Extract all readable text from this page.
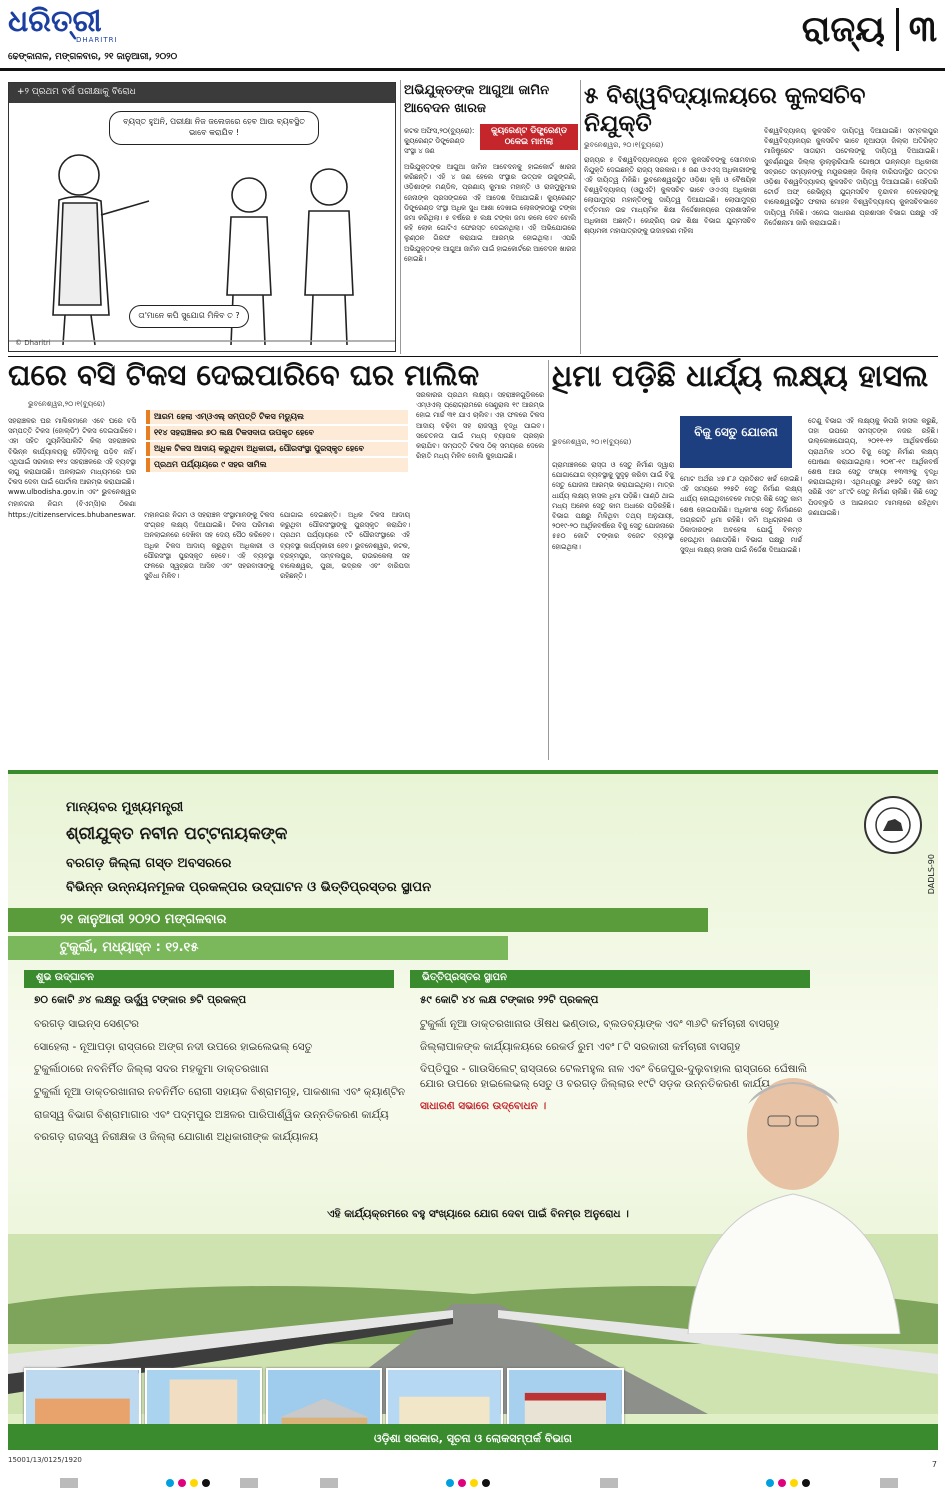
ଧରିତ୍ରୀ
DHARITRI
ଢେଙ୍କାନାଳ, ମଙ୍ଗଳବାର, ୨୧ ଜାନୁଆରୀ, ୨୦୨୦
ରାଜ୍ୟ ୩
+୨ ପ୍ରଥମ ବର୍ଷ ପରୀକ୍ଷାକୁ ବିରୋଧ
ବ୍ୟସ୍ତ ହୁଅନି, ପରୀକ୍ଷା ନିଜ ଜଲେଜରେ ହେବ ଆଉ ବ୍ୟବସ୍ଥିତ ଭାବେ କରାଯିବ !
ତା'ମାନେ କପି ସୁଯୋଗ ମିଳିବ ତ ?
© Dharitri
ଅଭିଯୁକ୍ତଙ୍କ ଆଗୁଆ ଜାମିନ ଆବେଦନ ଖାରଜ
କ୍ୟୁରେଣ୍ଟ ଡିଙ୍ଗ୍ରେଣ୍ଡ ଠକେଇ ମାମଲା
କଟକ ଅଫିସ,୨୦(ବ୍ୟୁରୋ): କ୍ୟୁରେଣ୍ଟ ଡିଙ୍ଗ୍ରେଣ୍ଡ ସଂସ୍ଥା ୪ ଜଣ
ଅଭିଯୁକ୍ତଙ୍କ ଆଗୁଆ ଜାମିନ ଆବେଦନକୁ ହାଇକୋର୍ଟ ଖାରଜ କରିଛନ୍ତି। ଏହି ୪ ଜଣ ହେଲେ ସଂସ୍ଥାର ଉତ୍ପଳ ଉଜୁଙ୍ଗଣି, ଓଡ଼ିଶାଙ୍କ ମଣ୍ଡିଳ, ପ୍ରଣାୟ କୁମାର ମହାନ୍ତି ଓ ରାଜମୁକୁମାର ଜେନାଙ୍କ ପ୍ରସଙ୍ଗରେ ଏହି ଆଦେଶ ଦିଆଯାଇଛି। କ୍ୟୁରେଣ୍ଟ ଡିଙ୍ଗ୍ରେଣ୍ଡ ସଂସ୍ଥା ଅଧିକ ସୁଧ ଆଶା ଦେଖାଇ ଲୋକଙ୍କଠାରୁ ଟଙ୍କା ଜମା କରିଥିଲା। ୫ ବର୍ଷରେ ୫ ଲକ୍ଷ ଟଙ୍କା ଜମା କଲେ ଦେବ ବୋଲି କହି ଲୋକ ଗୋଟିଏ ଫେରସ୍ତ ଦେଇନଥିଲା। ଏହି ଅଭିଯୋଗରେ ଲୁଣ୍ଠନ ଗିରଫ କରାଯାଇ ଆରମ୍ଭ ହୋଇଥିଲା। ଏପରି ଅଭିଯୁକ୍ତଙ୍କ ଆଗୁଆ ଜାମିନ ପାଇଁ ହାଇକୋର୍ଟରେ ଆବେଦନ ଖାରଜ ହୋଇଛି।
୫ ବିଶ୍ୱବିଦ୍ୟାଳୟରେ କୁଳସଚିବ ନିଯୁକ୍ତି
ଭୁବନେଶ୍ୱର, ୨୦।୧(ବ୍ୟୁରୋ)
ରାଜ୍ୟର ୫ ବିଶ୍ୱବିଦ୍ୟାଳୟରେ ନୂତନ କୁଳସଚିବଙ୍କୁ ସୋମବାର ନିଯୁକ୍ତି ଦେଇଛନ୍ତି ରାଜ୍ୟ ସରକାର। ୫ ଜଣ ଓଏଏସ୍ ଅଧିକାରୀଙ୍କୁ ଏହି ଦାୟିତ୍ୱ ମିଳିଛି। ଭୁବନେଶ୍ୱରସ୍ଥିତ ଓଡ଼ିଶା କୃଷି ଓ ବୈଷୟିକ ବିଶ୍ୱବିଦ୍ୟାଳୟ (ଓୟୁଏଟି) କୁଳସଚିବ ଭାବେ ଓଏଏସ୍ ଅଧିକାରୀ ଲୋପାମୁଦ୍ରା ମହାନ୍ତିଙ୍କୁ ଦାୟିତ୍ୱ ଦିଆଯାଇଛି। ଲୋପାମୁଦ୍ରା ବର୍ତ୍ତମାନ ଉଚ୍ଚ ମାଧ୍ୟମିକ ଶିକ୍ଷା ନିର୍ଦ୍ଦେଶାଳୟରେ ପ୍ରଶାସନିକ ଅଧିକାରୀ ଅଛନ୍ତି। କେନ୍ଦ୍ରିୟ ଉଚ୍ଚ ଶିକ୍ଷା ବିଭାଗ ଯୁଗ୍ମସଚିବ ଶ୍ୟାମଳୀ ମହାପାତ୍ରଙ୍କୁ ଉଦାହରଣ ମହିଳା
ବିଶ୍ୱବିଦ୍ୟାଳୟ କୁଳସଚିବ ଦାୟିତ୍ୱ ଦିଆଯାଇଛି। ସମ୍ବଲପୁର ବିଶ୍ୱବିଦ୍ୟାଳୟର କୁଳସଚିବ ଭାବେ ନୂଆପଡ଼ା ଜିଲ୍ଲା ଅତିରିକ୍ତ ମାଜିଷ୍ଟ୍ରେଟ ସାତାରାମ ପଟେଲଙ୍କୁ ଦାୟିତ୍ୱ ଦିଆଯାଇଛି। ସୁବର୍ଣ୍ଣପୁର ଜିଲ୍ଲା ଲୁଲ୍ଲୁରିପାଲି ଗୋଷ୍ଠୀ ଉନ୍ନୟନ ଅଧିକାରୀ ସବ୍ରତେ ସମ୍ୟାନଙ୍କୁ ମୟୂରଭଞ୍ଜ ଜିଲ୍ଲା ବାରିପଦାସ୍ଥିତ ଉତ୍ତର ଓଡ଼ିଶା ବିଶ୍ୱବିଦ୍ୟାଳୟ କୁଳସଚିବ ଦାୟିତ୍ୱ ଦିଆଯାଇଛି। ସେହିପରି ଟୋର୍ଡ ଅଫ୍ ରେଭିନ୍ୟୁ ଯୁଗ୍ମସଚିବ ବୃନ୍ଦାବନ ଦେହେରାଙ୍କୁ ବାଲେଶ୍ୱରସ୍ଥିତ ଫକୀର ମୋହନ ବିଶ୍ୱବିଦ୍ୟାଳୟ କୁଳସଚିବଭାବେ ଦାୟିତ୍ୱ ମିଳିଛି। ଏନେଇ ସାଧାରଣ ପ୍ରଶାସନ ବିଭାଗ ପକ୍ଷରୁ ଏହି ନିର୍ଦ୍ଦେଶନାମା ଜାରି କରାଯାଇଛି।
ଘରେ ବସି ଟିକସ ଦେଇପାରିବେ ଘର ମାଲିକ
ଭୁବନେଶ୍ୱର,୨୦।୧(ବ୍ୟୁରୋ)
ଆରମ ହେଲା ଏମ୍‌ଓଏଲ୍ ସମ୍ପତ୍ତି ଟିକସ ମଡ୍ୟୁଲ
୧୧୪ ସହରାଞ୍ଚଳର ୭୦ ଲକ୍ଷ ଟିକସଦାତା ଉପକୃତ ହେବେ
ଅଧିକ ଟିକସ ଆଦାୟ କରୁଥିବା ଅଧିକାରୀ, ପୌରସଂସ୍ଥା ପୁରସ୍କୃତ ହେବେ
ପ୍ରଥମ ପର୍ଯ୍ୟାୟରେ ୯ ସହର ସାମିଲ
ସହରାଞ୍ଚଳର ଘର ମାଲିକମାନେ ଏବେ ଘରେ ବସି ସମ୍ପତ୍ତି ଟିକସ (ହୋଲ୍ଡିଂ) ଟିକସ ଦେଇପାରିବେ। ଏହା ସହିତ ମ୍ୟୁନିସିପାଲିଟି କିଲା ସହରାଞ୍ଚଳର ବିଭିନ୍ନ କାର୍ଯ୍ୟାଳୟକୁ ଦୌଡ଼ିବାକୁ ପଡ଼ିବ ନାହିଁ। ଏଥିପାଇଁ ସରକାର ୧୧୪ ସହରାଞ୍ଚଳରେ ଏହି ବ୍ୟବସ୍ଥା ଲାଗୁ କରାଯାଉଛି। ଅନଲାଇନ ମାଧ୍ୟମରେ ଘର ଟିକସ ଦେବା ପାଇଁ ପୋର୍ଟାଲ ଆରମ୍ଭ କରାଯାଇଛି।
www.ulbodisha.gov.in ଏବଂ ଭୁବନେଶ୍ୱର ମହାନଗର ନିଗମ (ବିଏମ୍‌ସି)ର ଠିକଣା https://citizenservices.bhubaneswar. ମହାନଗର ନିଗମ ଓ ସହରାଞ୍ଚଳ ସଂସ୍ଥାମାନଙ୍କୁ ଟିକସ ସଂଗ୍ରହ ଲକ୍ଷ୍ୟ ଦିଆଯାଇଛି। ଟିକସ ପରିମାଣ ଅନଲାଇନରେ ଦେଖିବା ସହ ଦେୟ ପୈଠ କରିହେବ। ଅଧିକ ଟିକସ ଆଦାୟ କରୁଥିବା ଅଧିକାରୀ ଓ ପୌରସଂସ୍ଥା ପୁରସ୍କୃତ ହେବେ। ଏହି ବ୍ୟବସ୍ଥା ଫଳରେ ସ୍ୱଚ୍ଛତା ଆସିବ ଏବଂ ସହରବାସୀଙ୍କୁ ସୁବିଧା ମିଳିବ।
ଯୋଗାଇ ଦେଇଛନ୍ତି। ଅଧିକ ଟିକସ ଆଦାୟ କରୁଥିବା ପୌରସଂସ୍ଥାଙ୍କୁ ପୁରସ୍କୃତ କରାଯିବ। ପ୍ରଥମ ପର୍ଯ୍ୟାୟରେ ୯ଟି ପୌରସଂସ୍ଥାରେ ଏହି ବ୍ୟବସ୍ଥା କାର୍ଯ୍ୟକାରୀ ହେବ। ଭୁବନେଶ୍ୱର, କଟକ, ବ୍ରହ୍ମପୁର, ସମ୍ବଲପୁର, ରାଉରକେଲା ସହ ବାଲେଶ୍ୱର, ପୁରୀ, ଭଦ୍ରକ ଏବଂ ବାରିପଦା ରହିଛନ୍ତି।
ସରକାରର ପ୍ରଥମ ଲକ୍ଷ୍ୟ। ସହରାଞ୍ଚଳଗୁଡ଼ିକରେ ଏମ୍‌ଓଏଲ୍ ପ୍ରୋଗ୍ରାମରେ ସେଣ୍ଟ୍ରାଲ ୧୯ ଆରମ୍ଭ ହୋଇ ମାର୍ଚ୍ଚ ୩୧ ଯାଏ ଚାଲିବ। ଏହା ଫଳରେ ଟିକସ ଆଦାୟ ବଢ଼ିବା ସହ ରାଜସ୍ୱ ବୃଦ୍ଧି ପାଇବ। ସଚେତନତା ପାଇଁ ମଧ୍ୟ ବ୍ୟାପକ ପ୍ରଚାର କରାଯିବ। ସମ୍ପତ୍ତି ଟିକସ ଠିକ୍ ସମୟରେ ଦେଲେ ରିହାତି ମଧ୍ୟ ମିଳିବ ବୋଲି କୁହାଯାଇଛି।
ଧିମା ପଡ଼ିଛି ଧାର୍ଯ୍ୟ ଲକ୍ଷ୍ୟ ହାସଲ
ଭୁବନେଶ୍ୱର, ୨୦।୧(ବ୍ୟୁରୋ)
ବିଜୁ ସେତୁ ଯୋଜନା
ଗ୍ରାମାଞ୍ଚଳରେ ରାସ୍ତା ଓ ସେତୁ ନିର୍ମାଣ ଦ୍ୱାରା ଯୋଗାଯୋଗ ବ୍ୟବସ୍ଥାକୁ ସୁଦୃଢ଼ କରିବା ପାଇଁ ବିଜୁ ସେତୁ ଯୋଜନା ଆରମ୍ଭ କରାଯାଇଥିଲା। ମାତ୍ର ଧାର୍ଯ୍ୟ ଲକ୍ଷ୍ୟ ହାସଲ ଧିମା ପଡ଼ିଛି। ପାଣ୍ଠି ଥାଇ ମଧ୍ୟ ଅନେକ ସେତୁ କାମ ଅଧାରେ ପଡ଼ିରହିଛି। ବିଭାଗ ପକ୍ଷରୁ ମିଳିଥିବା ତଥ୍ୟ ଅନୁଯାୟୀ, ୨୦୧୯-୨୦ ଆର୍ଥିକବର୍ଷରେ ବିଜୁ ସେତୁ ଯୋଜନାରେ ୫୫୦ କୋଟି ଟଙ୍କାର ବଜେଟ ବ୍ୟବସ୍ଥା ହୋଇଥିଲା।
ମୋଟ ଅର୍ଥର ୪୭।୮୬ ପ୍ରତିଶତ ଖର୍ଚ୍ଚ ହୋଇଛି। ଏହି ସମୟରେ ୨୨୭ଟି ସେତୁ ନିର୍ମାଣ ଲକ୍ଷ୍ୟ ଧାର୍ଯ୍ୟ ହୋଇଥିବାବେଳେ ମାତ୍ର କିଛି ସେତୁ କାମ ଶେଷ ହୋଇପାରିଛି। ଅଧିକାଂଶ ସେତୁ ନିର୍ମାଣରେ ଅଗ୍ରଗତି ଧିମା ରହିଛି। ଜମି ଅଧିଗ୍ରହଣ ଓ ଠିକାଦାରଙ୍କ ଅବହେଳା ଯୋଗୁଁ ବିଳମ୍ବ ହେଉଥିବା ଜଣାପଡ଼ିଛି। ବିଭାଗ ପକ୍ଷରୁ ମାର୍ଚ୍ଚ ସୁଦ୍ଧା ଲକ୍ଷ୍ୟ ହାସଲ ପାଇଁ ନିର୍ଦ୍ଦେଶ ଦିଆଯାଇଛି।
ତେଣୁ ବିଭାଗ ଏହି ଲକ୍ଷ୍ୟକୁ କିପରି ହାସଲ କରୁଛି, ତାହା ଉପରେ ସମସ୍ତଙ୍କ ନଜର ରହିଛି। ଉଲ୍ଲେଖଯୋଗ୍ୟ, ୨୦୧୧-୧୨ ଆର୍ଥିକବର୍ଷରେ ପ୍ରାଥମିକ ୪୦୦ ବିଜୁ ସେତୁ ନିର୍ମାଣ ଲକ୍ଷ୍ୟ ଘୋଷଣା କରାଯାଇଥିଲା। ୨୦୧୮-୧୯ ଆର୍ଥିକବର୍ଷ ଶେଷ ଆଉ ସେତୁ ସଂଖ୍ୟା ୧୩୩୨କୁ ବୃଦ୍ଧି କରାଯାଇଥିଲା। ଏଥିମଧ୍ୟରୁ ୬୧୭ଟି ସେତୁ କାମ ସରିଛି ଏବଂ ୪୮୯ଟି ସେତୁ ନିର୍ମାଣ ଚାଲିଛି। କିଛି ସେତୁ ପିଡବ୍ଲୁଡି ଓ ଆଇନଗତ ମାମଲାରେ ରହିଥିବା ଜଣାଯାଇଛି।
ମାନ୍ୟବର ମୁଖ୍ୟମନ୍ତ୍ରୀ
ଶ୍ରୀଯୁକ୍ତ ନବୀନ ପଟ୍ଟନାୟକଙ୍କ
ବରଗଡ଼ ଜିଲ୍ଲା ଗସ୍ତ ଅବସରରେ
ବିଭିନ୍ନ ଉନ୍ନୟନମୂଳକ ପ୍ରକଳ୍ପର ଉଦ୍‌ଘାଟନ ଓ ଭିତ୍ତିପ୍ରସ୍ତର ସ୍ଥାପନ
୨୧ ଜାନୁଆରୀ ୨୦୨୦ ମଙ୍ଗଳବାର
ଟୁକୁର୍ଲା, ମଧ୍ୟାହ୍ନ : ୧୨.୧୫
DADLS-90
ଶୁଭ ଉଦ୍‌ଘାଟନ	ଭିତ୍ତିପ୍ରସ୍ତର ସ୍ଥାପନ
୭୦ କୋଟି ୬୪ ଲକ୍ଷରୁ ଊର୍ଦ୍ଧ୍ୱ ଟଙ୍କାର ୭ଟି ପ୍ରକଳ୍ପ
ବରଗଡ଼ ସାଇନ୍ସ ସେଣ୍ଟର
ସୋହେଲା - ନୂଆପଡ଼ା ରାସ୍ତାରେ ଅଙ୍ଗ ନଦୀ ଉପରେ ହାଇଲେଭଲ୍ ସେତୁ
ଟୁକୁର୍ଲାଠାରେ ନବନିର୍ମିତ ଜିଲ୍ଲା ସଦର ମହକୁମା ଡାକ୍ତରଖାନା
ଟୁକୁର୍ଲା ନୂଆ ଡାକ୍ତରଖାନାର ନବନିର୍ମିତ ରୋଗୀ ସହାୟକ ବିଶ୍ରାମଗୃହ, ପାକଶାଳା ଏବଂ କ୍ୟାଣ୍ଟିନ
ରାଜସ୍ୱ ବିଭାଗ ବିଶ୍ରାମାଗାର ଏବଂ ପଦ୍ମପୁର ଅଞ୍ଚଳର ପାରିପାର୍ଶ୍ୱିକ ଉନ୍ନତିକରଣ କାର୍ଯ୍ୟ
ବରଗଡ଼ ରାଜସ୍ୱ ନିରୀକ୍ଷକ ଓ ଜିଲ୍ଲା ଯୋଗାଣ ଅଧିକାରୀଙ୍କ କାର୍ଯ୍ୟାଳୟ
୫୯ କୋଟି ୪୪ ଲକ୍ଷ ଟଙ୍କାର ୨୨ଟି ପ୍ରକଳ୍ପ
ଟୁକୁର୍ଲା ନୂଆ ଡାକ୍ତରଖାନାର ଔଷଧ ଭଣ୍ଡାର, ବ୍ଲଡବ୍ୟାଙ୍କ ଏବଂ ୩୬ଟି କର୍ମଚାରୀ ବାସଗୃହ
ଜିଲ୍ଲାପାଳଙ୍କ କାର୍ଯ୍ୟାଳୟରେ ରେକର୍ଡ ରୁମ ଏବଂ ୮ଟି ସରକାରୀ କର୍ମଚାରୀ ବାସଗୃହ
ଦିପ୍ତିପୁର - ଗାଉସିଲେଟ୍ ରାସ୍ତାରେ ଟେଲମହୁଲ ନାଳ ଏବଂ ବିଜେପୁର-ଦୁଲୁବାହାଲ ରାସ୍ତାରେ ଘେଁଷାଲି ଯୋର ଉପରେ ହାଇଲେଭଲ୍ ସେତୁ ଓ ବରଗଡ଼ ଜିଲ୍ଲାର ୧୯ଟି ସଡ଼କ ଉନ୍ନତିକରଣ କାର୍ଯ୍ୟ
ସାଧାରଣ ସଭାରେ ଉଦ୍‌ବୋଧନ ।
ଏହି କାର୍ଯ୍ୟକ୍ରମରେ ବହୁ ସଂଖ୍ୟାରେ ଯୋଗ ଦେବା ପାଇଁ ବିନମ୍ର ଅନୁରୋଧ ।
ଓଡ଼ିଶା ସରକାର, ସୂଚନା ଓ ଲୋକସମ୍ପର୍କ ବିଭାଗ
15001/13/0125/1920	7
